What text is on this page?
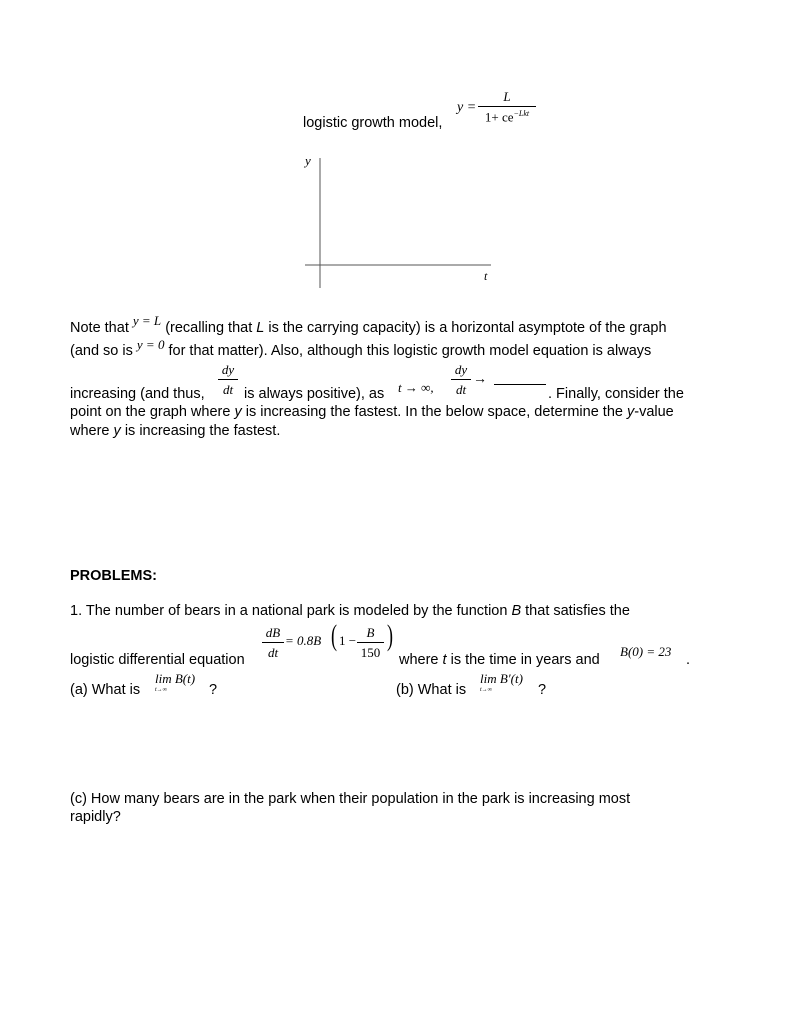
logistic growth model,
y =
L
$1+ ce^{-Lkt}$
y
t
Note that y = L (recalling that L is the carrying capacity) is a horizontal asymptote of the graph
(and so is y = 0 for that matter). Also, although this logistic growth model equation is always
$\frac{dy}{dt}$	$\frac{dy}{dt}$ →
increasing (and thus,	is always positive), as t → ∞,	. Finally, consider the
point on the graph where y is increasing the fastest. In the below space, determine the y-value
where y is increasing the fastest.
PROBLEMS:
1. The number of bears in a national park is modeled by the function B that satisfies the
$\frac{dB}{dt} = 0.8B$ ( $1 - \frac{B}{150}$ )
logistic differential equation	where t is the time in years and
B(0) = 23
.
(a) What is
lim B(t)
t→∞	?	(b) What is
lim B′(t)
t→∞	?
(c) How many bears are in the park when their population in the park is increasing most
rapidly?
